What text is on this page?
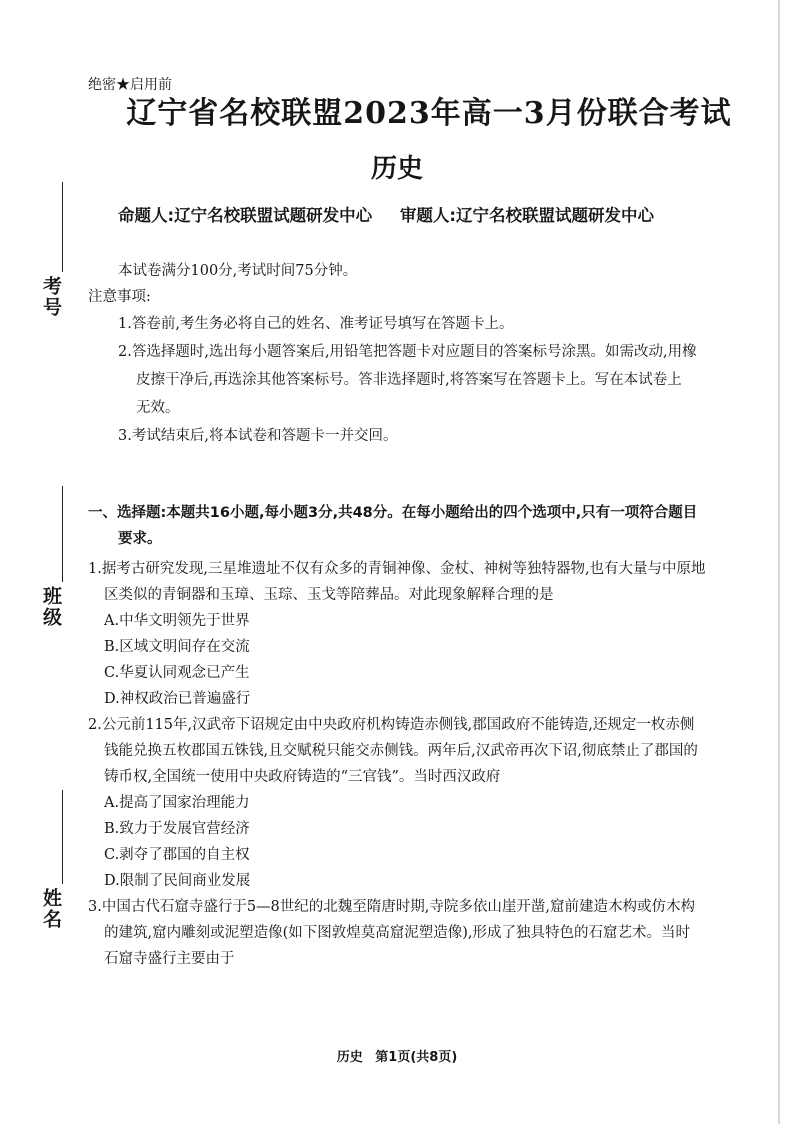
考号
班级
姓名
绝密★启用前
辽宁省名校联盟2023年高一3月份联合考试
历史
命题人:辽宁名校联盟试题研发中心 审题人:辽宁名校联盟试题研发中心
本试卷满分100分,考试时间75分钟。
注意事项:
1.答卷前,考生务必将自己的姓名、准考证号填写在答题卡上。
2.答选择题时,选出每小题答案后,用铅笔把答题卡对应题目的答案标号涂黑。如需改动,用橡
皮擦干净后,再选涂其他答案标号。答非选择题时,将答案写在答题卡上。写在本试卷上
无效。
3.考试结束后,将本试卷和答题卡一并交回。
一、选择题:本题共16小题,每小题3分,共48分。在每小题给出的四个选项中,只有一项符合题目
要求。
1.据考古研究发现,三星堆遗址不仅有众多的青铜神像、金杖、神树等独特器物,也有大量与中原地
区类似的青铜器和玉璋、玉琮、玉戈等陪葬品。对此现象解释合理的是
A.中华文明领先于世界
B.区域文明间存在交流
C.华夏认同观念已产生
D.神权政治已普遍盛行
2.公元前115年,汉武帝下诏规定由中央政府机构铸造赤侧钱,郡国政府不能铸造,还规定一枚赤侧
钱能兑换五枚郡国五铢钱,且交赋税只能交赤侧钱。两年后,汉武帝再次下诏,彻底禁止了郡国的
铸币权,全国统一使用中央政府铸造的“三官钱”。当时西汉政府
A.提高了国家治理能力
B.致力于发展官营经济
C.剥夺了郡国的自主权
D.限制了民间商业发展
3.中国古代石窟寺盛行于5—8世纪的北魏至隋唐时期,寺院多依山崖开凿,窟前建造木构或仿木构
的建筑,窟内雕刻或泥塑造像(如下图敦煌莫高窟泥塑造像),形成了独具特色的石窟艺术。当时
石窟寺盛行主要由于
历史 第1页(共8页)
